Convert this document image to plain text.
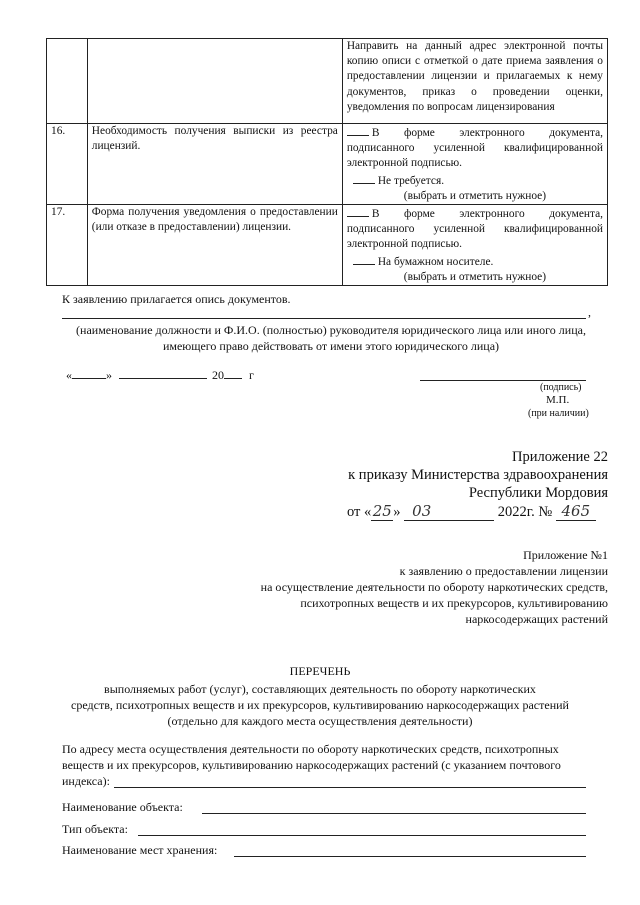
		Направить на данный адрес электронной почты копию описи с отметкой о дате приема заявления о предоставлении лицензии и прилагаемых к нему документов, приказ о проведении оценки, уведомления по вопросам лицензирования
16.	Необходимость получения выписки из реестра лицензий.	В форме электронного документа, подписанного усиленной квалифицированной электронной подписью.
Не требуется.
(выбрать и отметить нужное)

17.	Форма получения уведомления о предоставлении (или отказе в предоставлении) лицензии.	В форме электронного документа, подписанного усиленной квалифицированной электронной подписью.
На бумажном носителе.
(выбрать и отметить нужное)
К заявлению прилагается опись документов.
,
(наименование должности и Ф.И.О. (полностью) руководителя юридического лица или иного лица, имеющего право действовать от имени этого юридического лица)
«	»	20 г
(подпись)
М.П.
(при наличии)
Приложение 22
к приказу Министерства здравоохранения
Республики Мордовия
от «25» 03	2022г. № 465
Приложение №1
к заявлению о предоставлении лицензии
на осуществление деятельности по обороту наркотических средств,
психотропных веществ и их прекурсоров, культивированию
наркосодержащих растений
ПЕРЕЧЕНЬ
выполняемых работ (услуг), составляющих деятельность по обороту наркотических
средств, психотропных веществ и их прекурсоров, культивированию наркосодержащих растений
(отдельно для каждого места осуществления деятельности)
По адресу места осуществления деятельности по обороту наркотических средств, психотропных
веществ и их прекурсоров, культивированию наркосодержащих растений (с указанием почтового
индекса):
Наименование объекта:
Тип объекта:
Наименование мест хранения:
